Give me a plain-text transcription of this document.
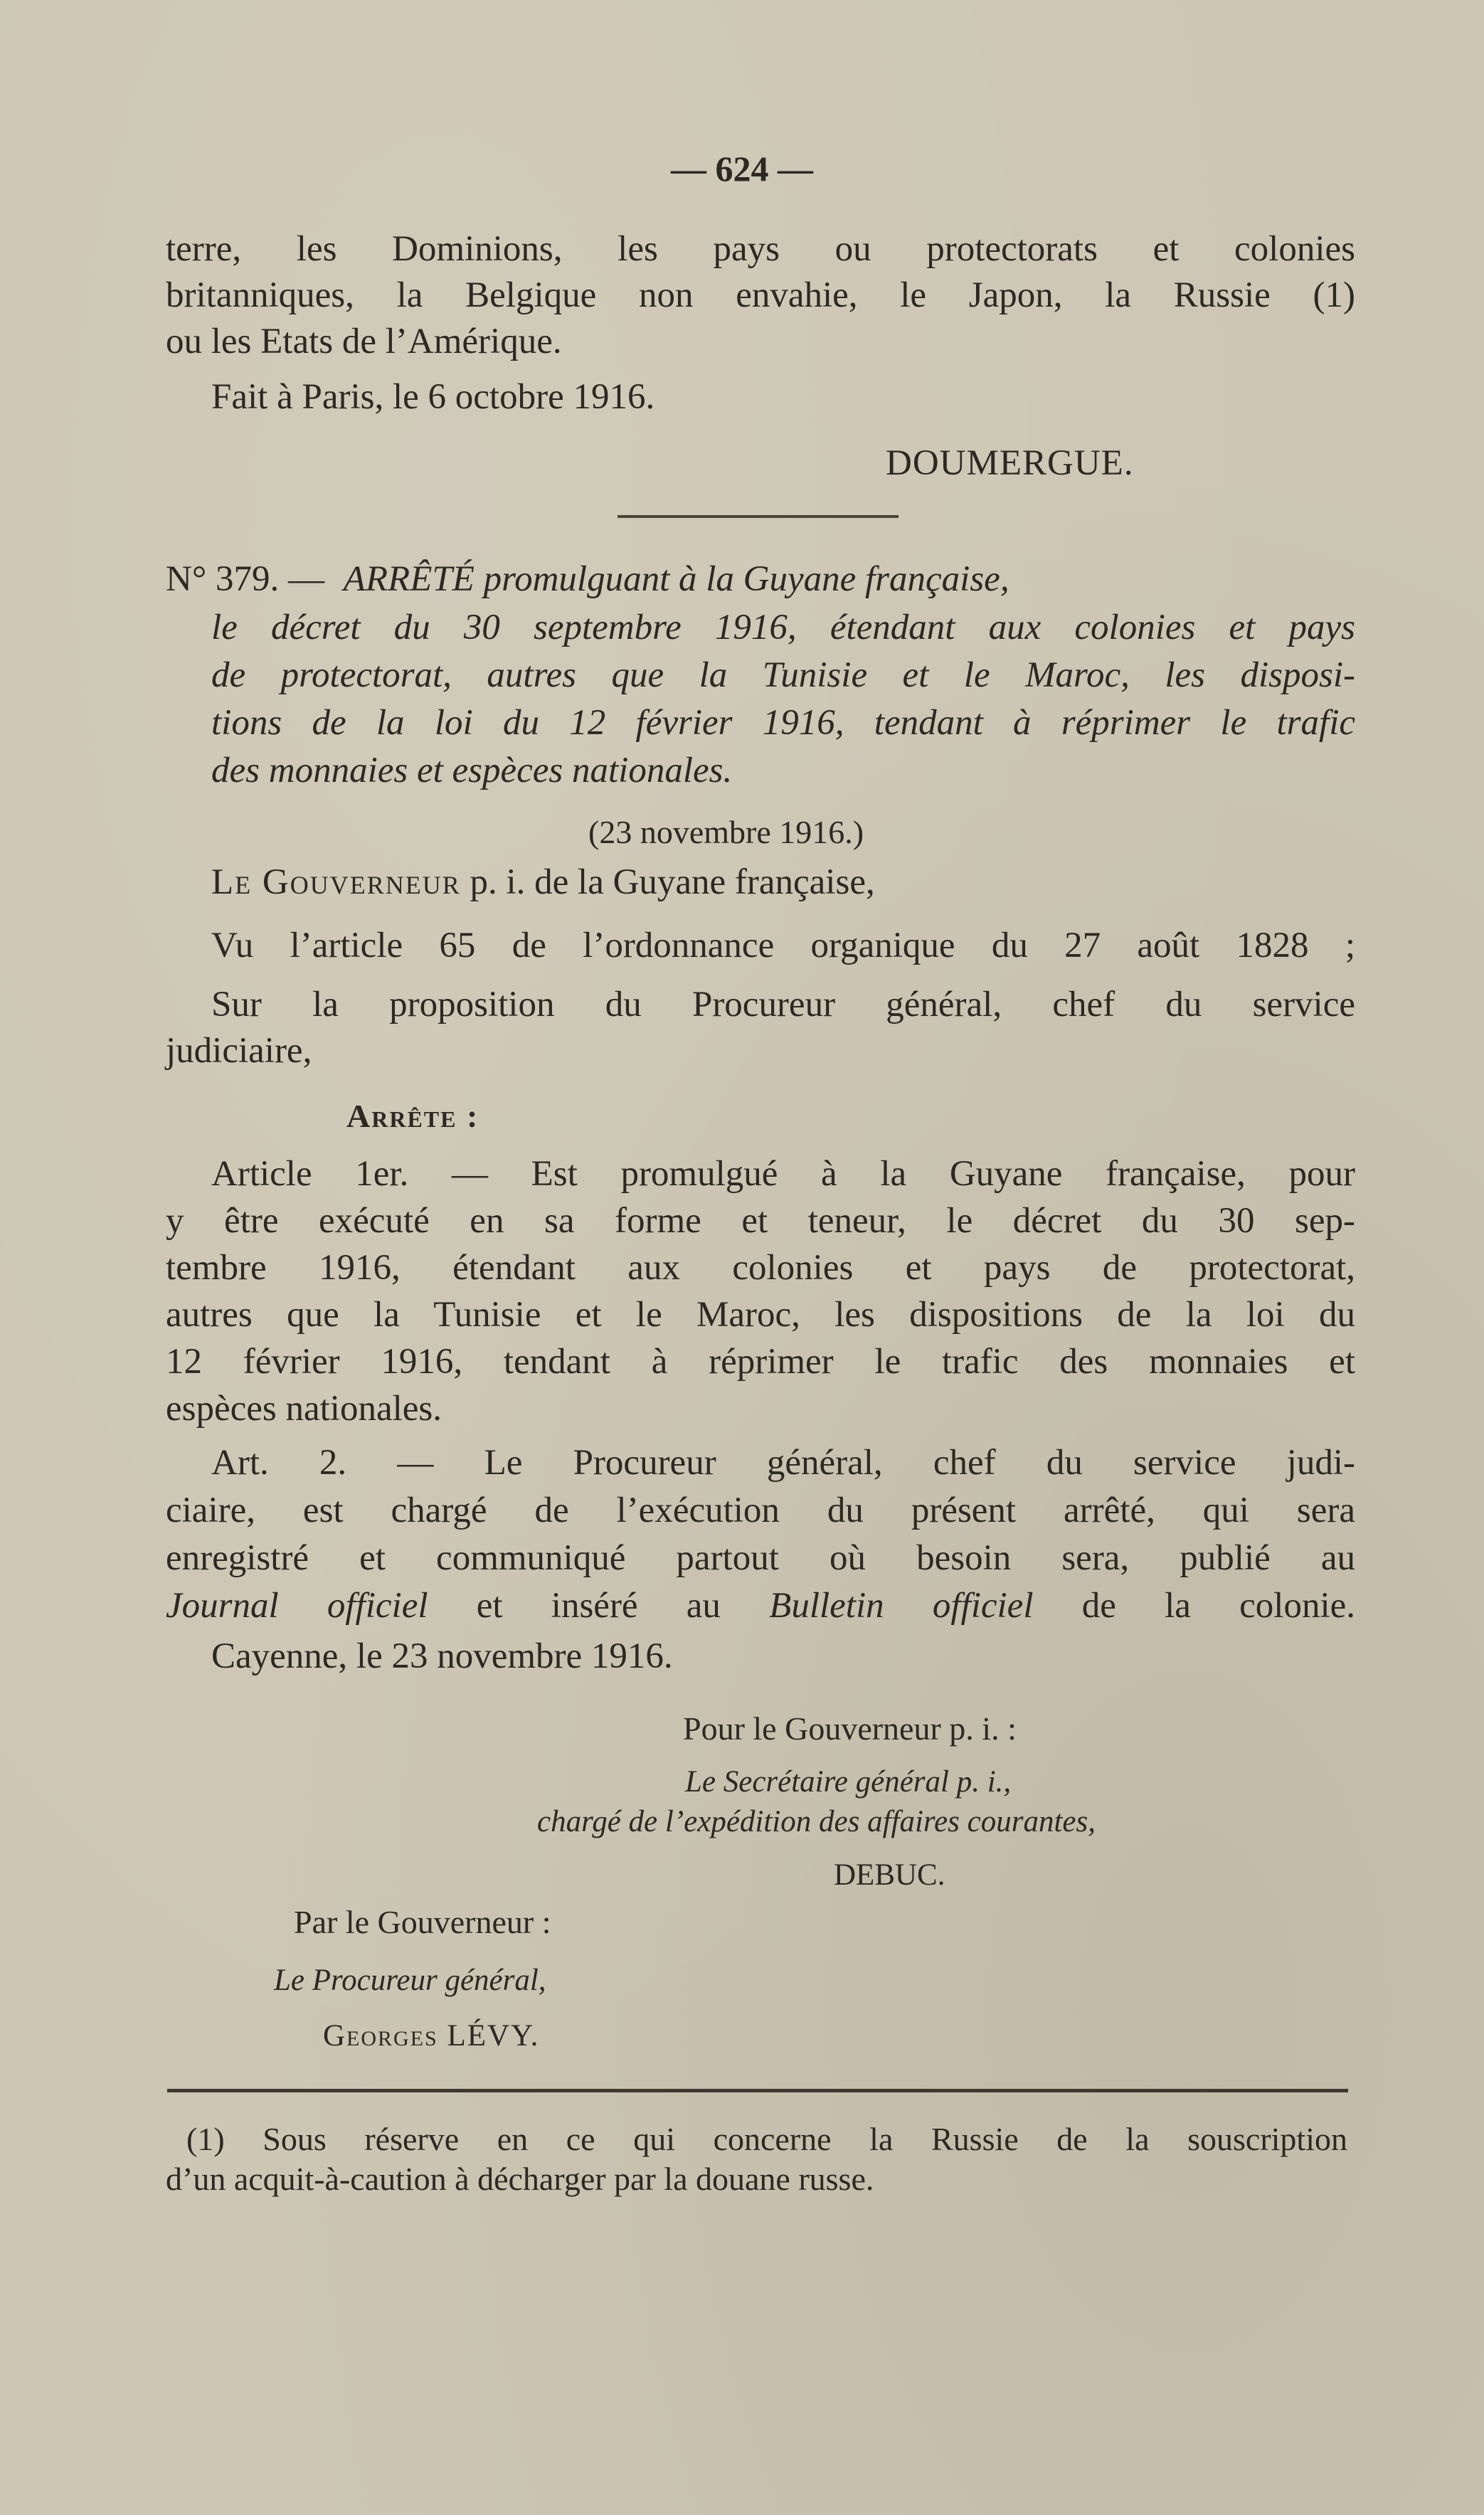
— 624 —
terre, les Dominions, les pays ou protectorats et colonies
britanniques, la Belgique non envahie, le Japon, la Russie (1)
ou les Etats de l’Amérique.
Fait à Paris, le 6 octobre 1916.
DOUMERGUE.
N° 379. — ARRÊTÉ promulguant à la Guyane française,
le décret du 30 septembre 1916, étendant aux colonies et pays
de protectorat, autres que la Tunisie et le Maroc, les disposi-
tions de la loi du 12 février 1916, tendant à réprimer le trafic
des monnaies et espèces nationales.
(23 novembre 1916.)
Le Gouverneur p. i. de la Guyane française,
Vu l’article 65 de l’ordonnance organique du 27 août 1828 ;
Sur la proposition du Procureur général, chef du service
judiciaire,
Arrête :
Article 1er. — Est promulgué à la Guyane française, pour
y être exécuté en sa forme et teneur, le décret du 30 sep-
tembre 1916, étendant aux colonies et pays de protectorat,
autres que la Tunisie et le Maroc, les dispositions de la loi du
12 février 1916, tendant à réprimer le trafic des monnaies et
espèces nationales.
Art. 2. — Le Procureur général, chef du service judi-
ciaire, est chargé de l’exécution du présent arrêté, qui sera
enregistré et communiqué partout où besoin sera, publié au
Journal officiel et inséré au Bulletin officiel de la colonie.
Cayenne, le 23 novembre 1916.
Pour le Gouverneur p. i. :
Le Secrétaire général p. i.,
chargé de l’expédition des affaires courantes,
DEBUC.
Par le Gouverneur :
Le Procureur général,
Georges LÉVY.
(1) Sous réserve en ce qui concerne la Russie de la souscription
d’un acquit-à-caution à décharger par la douane russe.
